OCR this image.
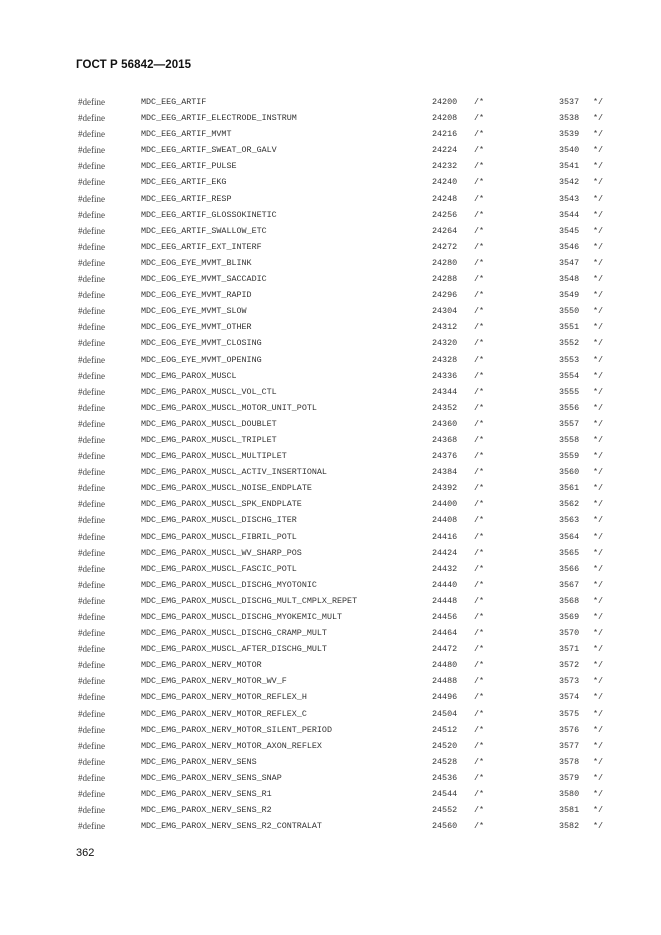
ГОСТ Р 56842—2015
#define	MDC_EEG_ARTIF	24200 /*	3537 */
#define	MDC_EEG_ARTIF_ELECTRODE_INSTRUM	24208 /*	3538 */
#define	MDC_EEG_ARTIF_MVMT	24216 /*	3539 */
#define	MDC_EEG_ARTIF_SWEAT_OR_GALV	24224 /*	3540 */
#define	MDC_EEG_ARTIF_PULSE	24232 /*	3541 */
#define	MDC_EEG_ARTIF_EKG	24240 /*	3542 */
#define	MDC_EEG_ARTIF_RESP	24248 /*	3543 */
#define	MDC_EEG_ARTIF_GLOSSOKINETIC	24256 /*	3544 */
#define	MDC_EEG_ARTIF_SWALLOW_ETC	24264 /*	3545 */
#define	MDC_EEG_ARTIF_EXT_INTERF	24272 /*	3546 */
#define	MDC_EOG_EYE_MVMT_BLINK	24280 /*	3547 */
#define	MDC_EOG_EYE_MVMT_SACCADIC	24288 /*	3548 */
#define	MDC_EOG_EYE_MVMT_RAPID	24296 /*	3549 */
#define	MDC_EOG_EYE_MVMT_SLOW	24304 /*	3550 */
#define	MDC_EOG_EYE_MVMT_OTHER	24312 /*	3551 */
#define	MDC_EOG_EYE_MVMT_CLOSING	24320 /*	3552 */
#define	MDC_EOG_EYE_MVMT_OPENING	24328 /*	3553 */
#define	MDC_EMG_PAROX_MUSCL	24336 /*	3554 */
#define	MDC_EMG_PAROX_MUSCL_VOL_CTL	24344 /*	3555 */
#define	MDC_EMG_PAROX_MUSCL_MOTOR_UNIT_POTL	24352 /*	3556 */
#define	MDC_EMG_PAROX_MUSCL_DOUBLET	24360 /*	3557 */
#define	MDC_EMG_PAROX_MUSCL_TRIPLET	24368 /*	3558 */
#define	MDC_EMG_PAROX_MUSCL_MULTIPLET	24376 /*	3559 */
#define	MDC_EMG_PAROX_MUSCL_ACTIV_INSERTIONAL	24384 /*	3560 */
#define	MDC_EMG_PAROX_MUSCL_NOISE_ENDPLATE	24392 /*	3561 */
#define	MDC_EMG_PAROX_MUSCL_SPK_ENDPLATE	24400 /*	3562 */
#define	MDC_EMG_PAROX_MUSCL_DISCHG_ITER	24408 /*	3563 */
#define	MDC_EMG_PAROX_MUSCL_FIBRIL_POTL	24416 /*	3564 */
#define	MDC_EMG_PAROX_MUSCL_WV_SHARP_POS	24424 /*	3565 */
#define	MDC_EMG_PAROX_MUSCL_FASCIC_POTL	24432 /*	3566 */
#define	MDC_EMG_PAROX_MUSCL_DISCHG_MYOTONIC	24440 /*	3567 */
#define	MDC_EMG_PAROX_MUSCL_DISCHG_MULT_CMPLX_REPET	24448 /*	3568 */
#define	MDC_EMG_PAROX_MUSCL_DISCHG_MYOKEMIC_MULT	24456 /*	3569 */
#define	MDC_EMG_PAROX_MUSCL_DISCHG_CRAMP_MULT	24464 /*	3570 */
#define	MDC_EMG_PAROX_MUSCL_AFTER_DISCHG_MULT	24472 /*	3571 */
#define	MDC_EMG_PAROX_NERV_MOTOR	24480 /*	3572 */
#define	MDC_EMG_PAROX_NERV_MOTOR_WV_F	24488 /*	3573 */
#define	MDC_EMG_PAROX_NERV_MOTOR_REFLEX_H	24496 /*	3574 */
#define	MDC_EMG_PAROX_NERV_MOTOR_REFLEX_C	24504 /*	3575 */
#define	MDC_EMG_PAROX_NERV_MOTOR_SILENT_PERIOD	24512 /*	3576 */
#define	MDC_EMG_PAROX_NERV_MOTOR_AXON_REFLEX	24520 /*	3577 */
#define	MDC_EMG_PAROX_NERV_SENS	24528 /*	3578 */
#define	MDC_EMG_PAROX_NERV_SENS_SNAP	24536 /*	3579 */
#define	MDC_EMG_PAROX_NERV_SENS_R1	24544 /*	3580 */
#define	MDC_EMG_PAROX_NERV_SENS_R2	24552 /*	3581 */
#define	MDC_EMG_PAROX_NERV_SENS_R2_CONTRALAT	24560 /*	3582 */
362
